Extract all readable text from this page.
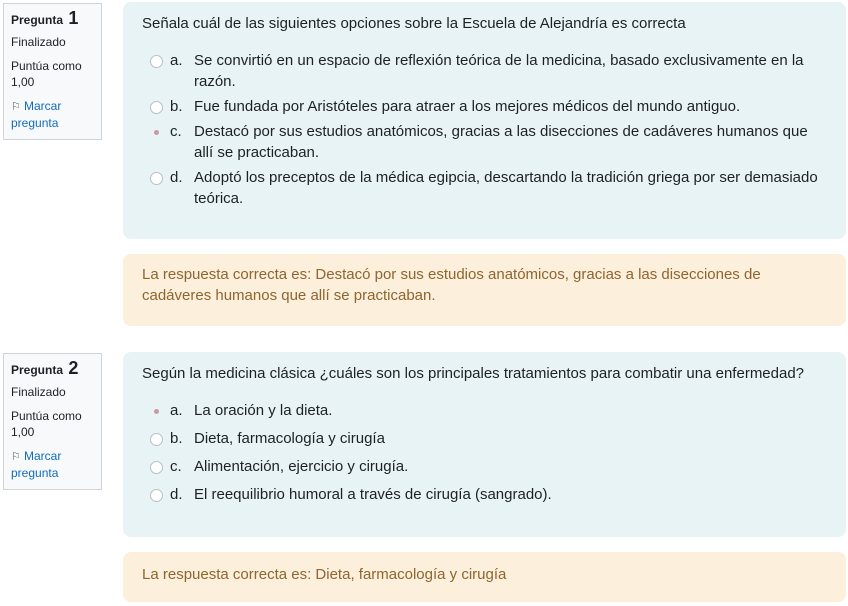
Pregunta 1
Finalizado
Puntúa como
1,00
⚐ Marcar pregunta
Señala cuál de las siguientes opciones sobre la Escuela de Alejandría es correcta
a. Se convirtió en un espacio de reflexión teórica de la medicina, basado exclusivamente en la razón.
b. Fue fundada por Aristóteles para atraer a los mejores médicos del mundo antiguo.
c. Destacó por sus estudios anatómicos, gracias a las disecciones de cadáveres humanos que allí se practicaban.
d. Adoptó los preceptos de la médica egipcia, descartando la tradición griega por ser demasiado teórica.
La respuesta correcta es: Destacó por sus estudios anatómicos, gracias a las disecciones de cadáveres humanos que allí se practicaban.
Pregunta 2
Finalizado
Puntúa como
1,00
⚐ Marcar pregunta
Según la medicina clásica ¿cuáles son los principales tratamientos para combatir una enfermedad?
a. La oración y la dieta.
b. Dieta, farmacología y cirugía
c. Alimentación, ejercicio y cirugía.
d. El reequilibrio humoral a través de cirugía (sangrado).
La respuesta correcta es: Dieta, farmacología y cirugía
